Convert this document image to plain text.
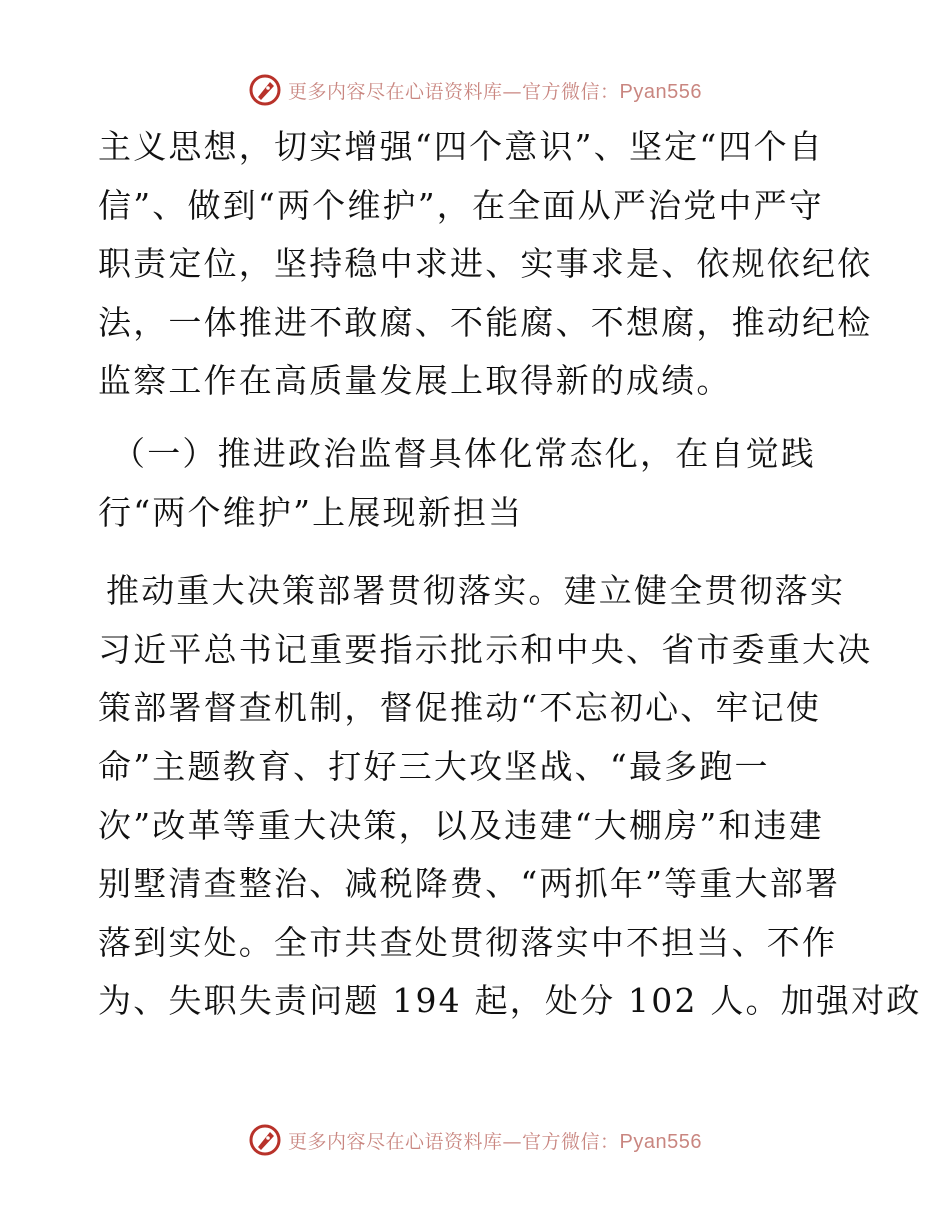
更多内容尽在心语资料库—官方微信：Pyan556
主义思想，切实增强“四个意识”、坚定“四个自
信”、做到“两个维护”，在全面从严治党中严守
职责定位，坚持稳中求进、实事求是、依规依纪依
法，一体推进不敢腐、不能腐、不想腐，推动纪检
监察工作在高质量发展上取得新的成绩。
（一）推进政治监督具体化常态化，在自觉践
行“两个维护”上展现新担当
推动重大决策部署贯彻落实。建立健全贯彻落实
习近平总书记重要指示批示和中央、省市委重大决
策部署督查机制，督促推动“不忘初心、牢记使
命”主题教育、打好三大攻坚战、“最多跑一
次”改革等重大决策，以及违建“大棚房”和违建
别墅清查整治、减税降费、“两抓年”等重大部署
落到实处。全市共查处贯彻落实中不担当、不作
为、失职失责问题 194 起，处分 102 人。加强对政
更多内容尽在心语资料库—官方微信：Pyan556
